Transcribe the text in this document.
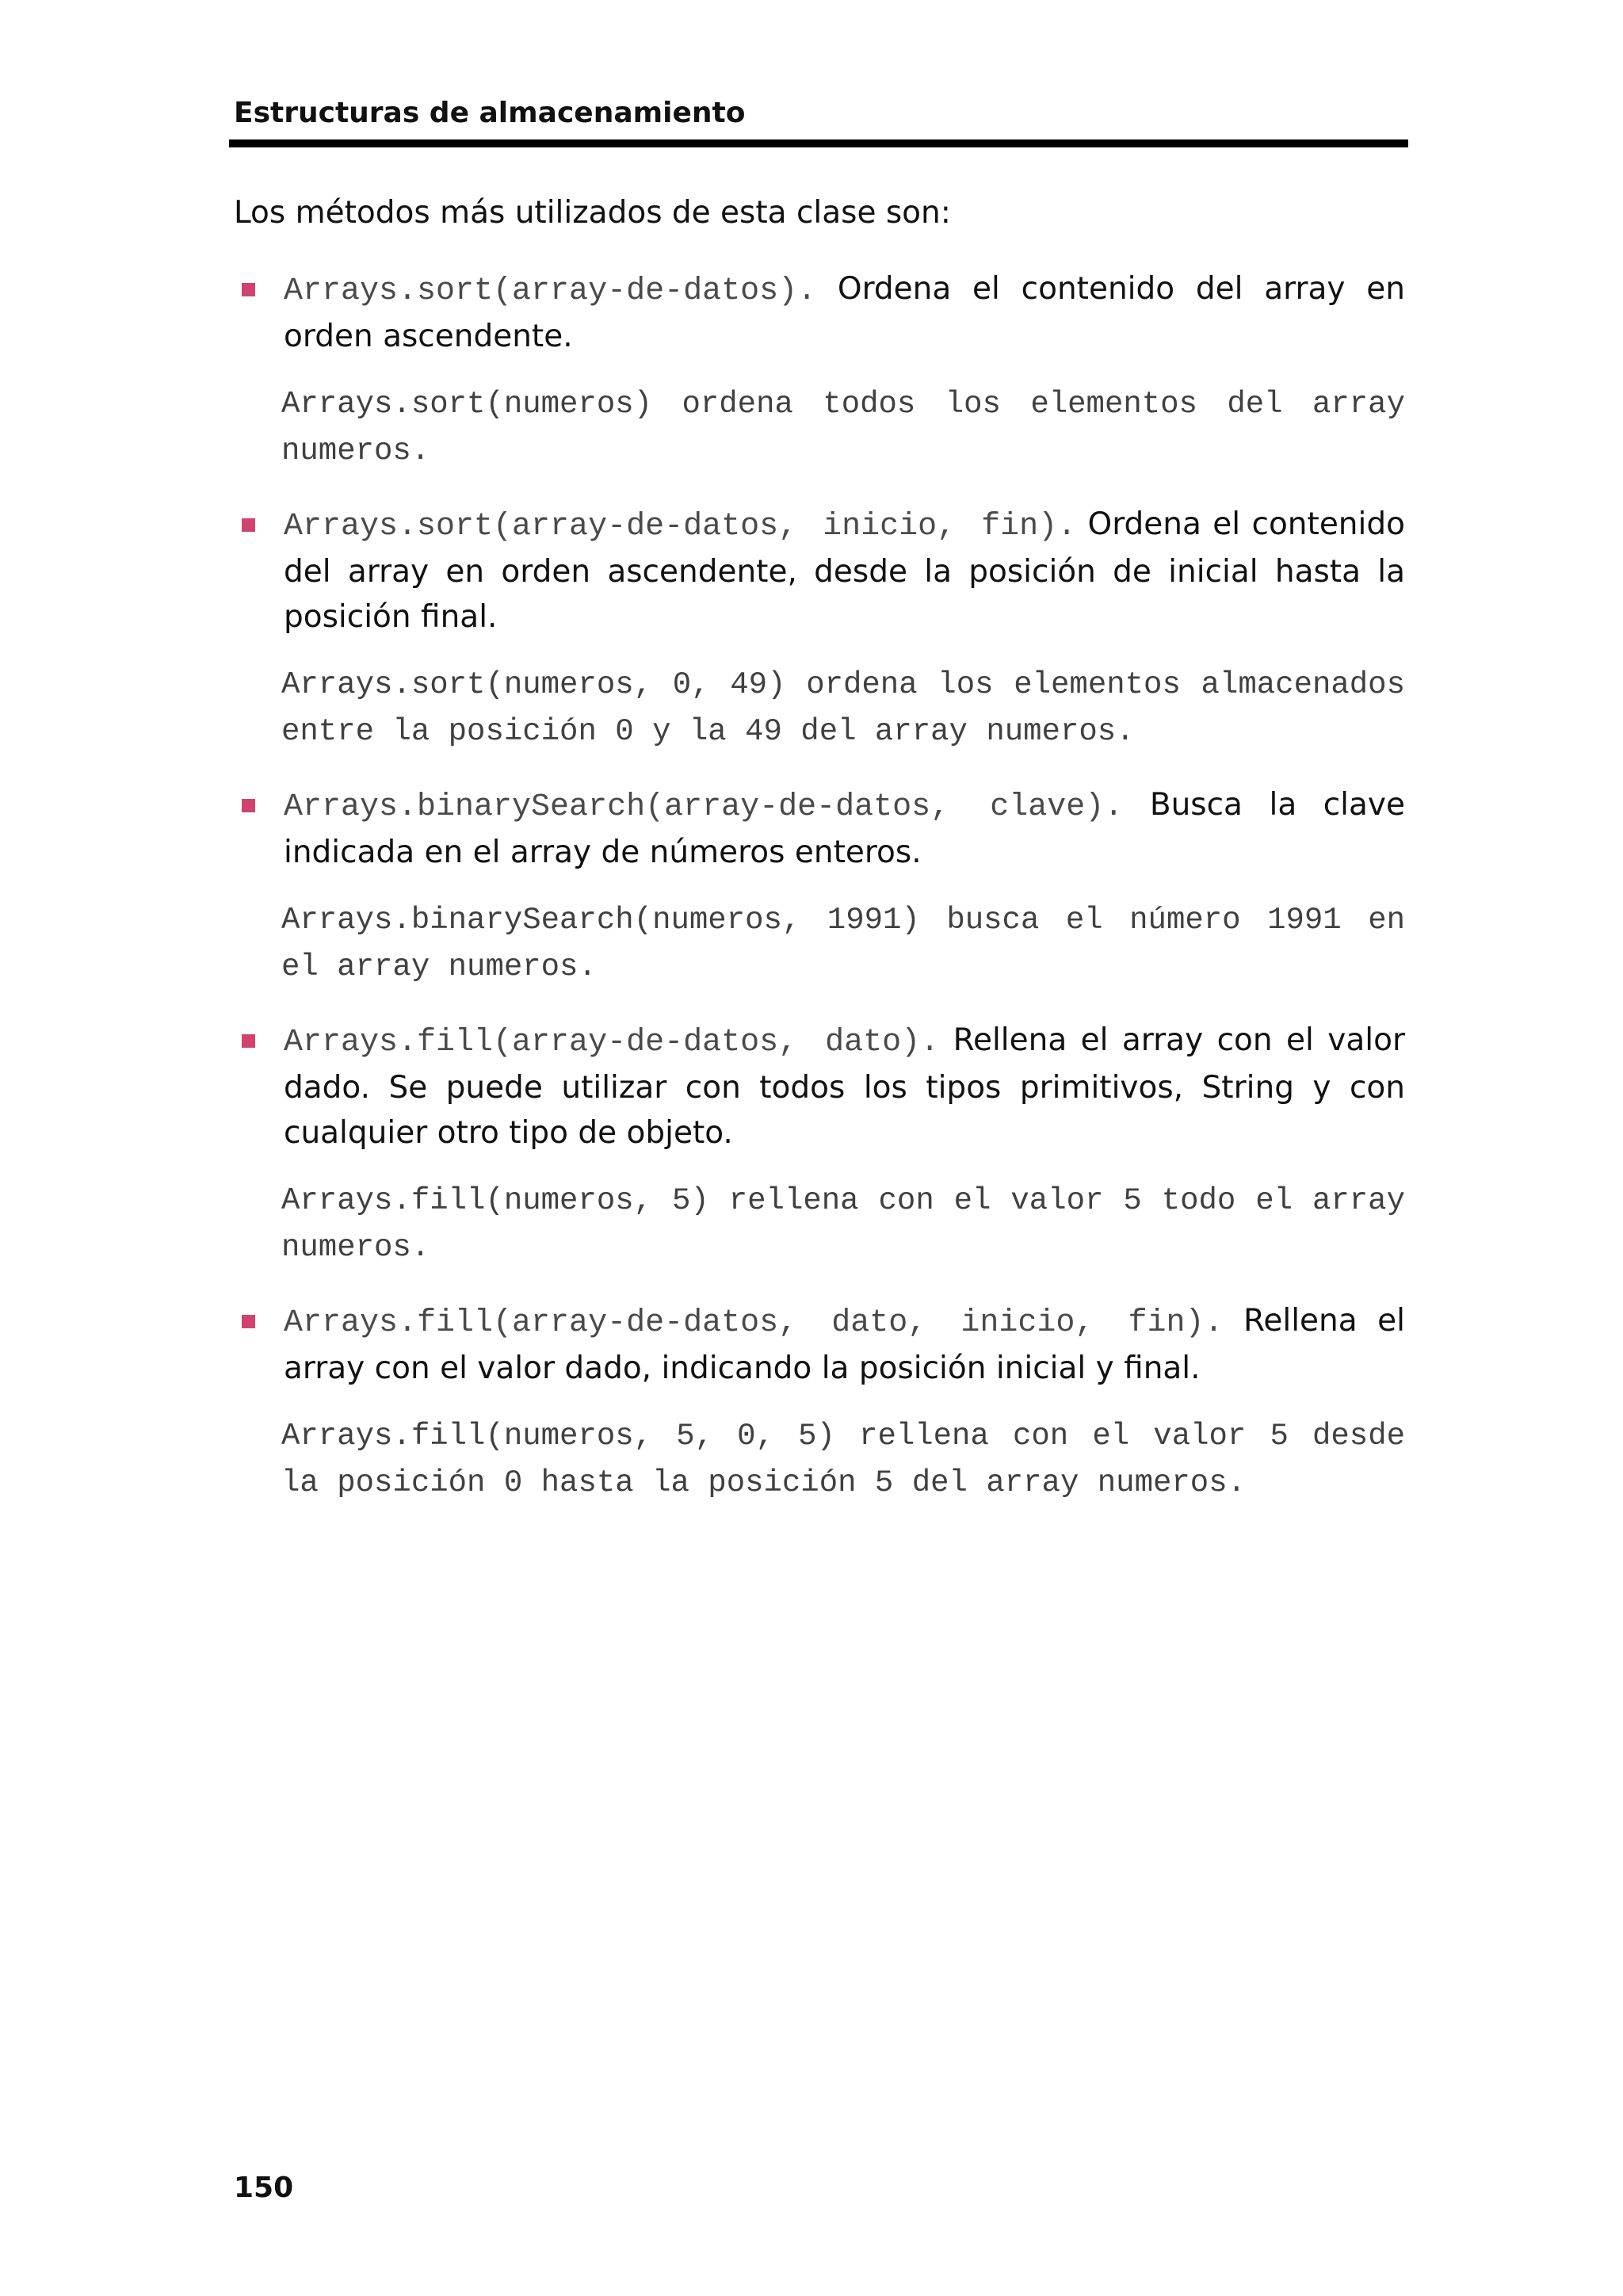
Estructuras de almacenamiento

Los métodos más utilizados de esta clase son:

Arrays.sort(array-de-datos). Ordena el contenido del array en orden ascendente.

Arrays.sort(numeros) ordena todos los elementos del array numeros.

Arrays.sort(array-de-datos, inicio, fin). Ordena el contenido del array en orden ascendente, desde la posición de inicial hasta la posición final.

Arrays.sort(numeros, 0, 49) ordena los elementos almacenados entre la posición 0 y la 49 del array numeros.

Arrays.binarySearch(array-de-datos, clave). Busca la clave indicada en el array de números enteros.

Arrays.binarySearch(numeros, 1991) busca el número 1991 en el array numeros.

Arrays.fill(array-de-datos, dato). Rellena el array con el valor dado. Se puede utilizar con todos los tipos primitivos, String y con cualquier otro tipo de objeto.

Arrays.fill(numeros, 5) rellena con el valor 5 todo el array numeros.

Arrays.fill(array-de-datos, dato, inicio, fin). Rellena el array con el valor dado, indicando la posición inicial y final.

Arrays.fill(numeros, 5, 0, 5) rellena con el valor 5 desde la posición 0 hasta la posición 5 del array numeros.

150
